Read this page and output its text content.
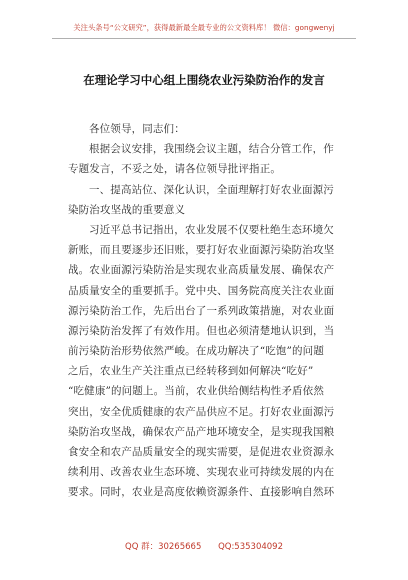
关注头条号“公文研究”，获得最新最全最专业的公文资料库！ 微信：gongwenyj
在理论学习中心组上围绕农业污染防治作的发言
各位领导，同志们：
根据会议安排，我围绕会议主题，结合分管工作，作
专题发言，不妥之处，请各位领导批评指正。
一、提高站位、深化认识，全面理解打好农业面源污
染防治攻坚战的重要意义
习近平总书记指出，农业发展不仅要杜绝生态环境欠
新账，而且要逐步还旧账，要打好农业面源污染防治攻坚
战。农业面源污染防治是实现农业高质量发展、确保农产
品质量安全的重要抓手。党中央、国务院高度关注农业面
源污染防治工作，先后出台了一系列政策措施，对农业面
源污染防治发挥了有效作用。但也必须清楚地认识到，当
前污染防治形势依然严峻。在成功解决了“吃饱”的问题
之后，农业生产关注重点已经转移到如何解决“吃好”
“吃健康”的问题上。当前，农业供给侧结构性矛盾依然
突出，安全优质健康的农产品供应不足。打好农业面源污
染防治攻坚战，确保农产品产地环境安全，是实现我国粮
食安全和农产品质量安全的现实需要，是促进农业资源永
续利用、改善农业生态环境、实现农业可持续发展的内在
要求。同时，农业是高度依赖资源条件、直接影响自然环
QQ 群：30265665 QQ:535304092
